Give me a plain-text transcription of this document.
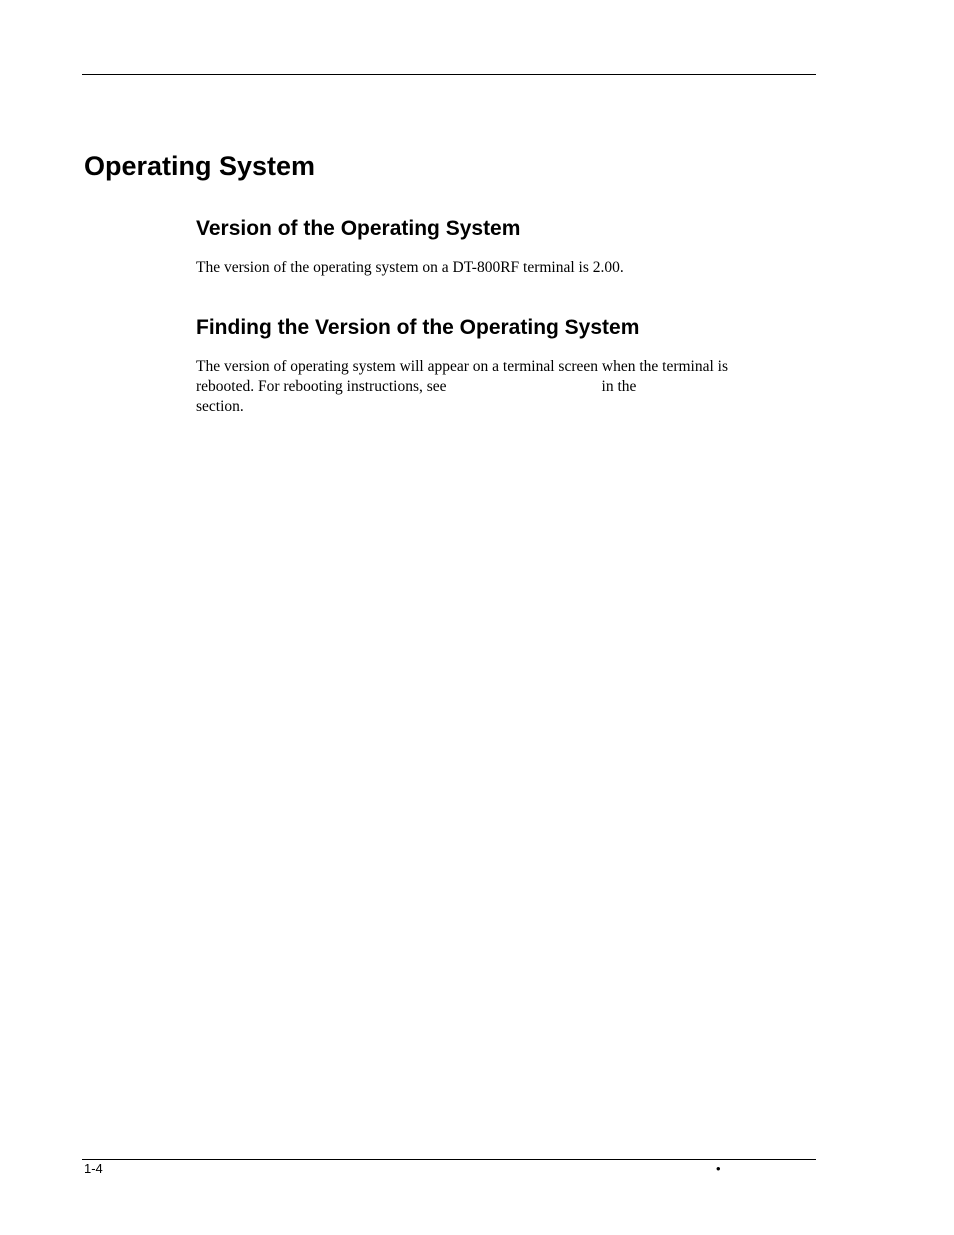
Operating System
Version of the Operating System

The version of the operating system on a DT-800RF terminal is 2.00.

Finding the Version of the Operating System

The version of operating system will appear on a terminal screen when the terminal is

rebooted. For rebooting instructions, see	in the

section.

1-4	•
